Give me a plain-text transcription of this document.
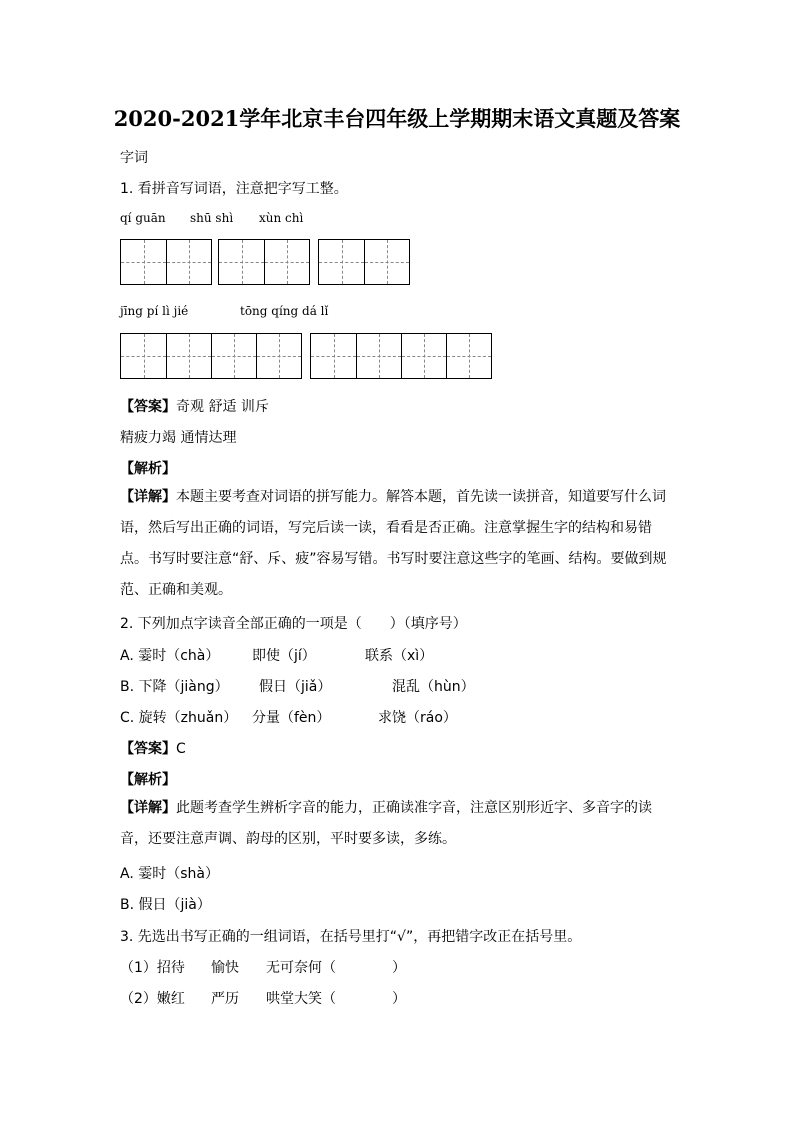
2020-2021学年北京丰台四年级上学期期末语文真题及答案
字词
1. 看拼音写词语，注意把字写工整。
qí guān shū shì xùn chì
jīng pí lì jié	tōng qíng dá lǐ
【答案】奇观 舒适 训斥
精疲力竭 通情达理
【解析】
【详解】本题主要考查对词语的拼写能力。解答本题，首先读一读拼音，知道要写什么词语，然后写出正确的词语，写完后读一读，看看是否正确。注意掌握生字的结构和易错点。书写时要注意“舒、斥、疲”容易写错。书写时要注意这些字的笔画、结构。要做到规范、正确和美观。
2. 下列加点字读音全部正确的一项是（　　）（填序号）
A. 霎时（chà） 即使（jí）	联系（xì）
B. 下降（jiàng） 假日（jiǎ）	混乱（hùn）
C. 旋转（zhuǎn） 分量（fèn）	求饶（ráo）
【答案】C
【解析】
【详解】此题考查学生辨析字音的能力，正确读准字音，注意区别形近字、多音字的读音，还要注意声调、韵母的区别，平时要多读，多练。
A. 霎时（shà）
B. 假日（jià）
3. 先选出书写正确的一组词语，在括号里打“√”，再把错字改正在括号里。
（1）招待 愉快 无可奈何（　　　　）
（2）嫩红 严历 哄堂大笑（　　　　）
